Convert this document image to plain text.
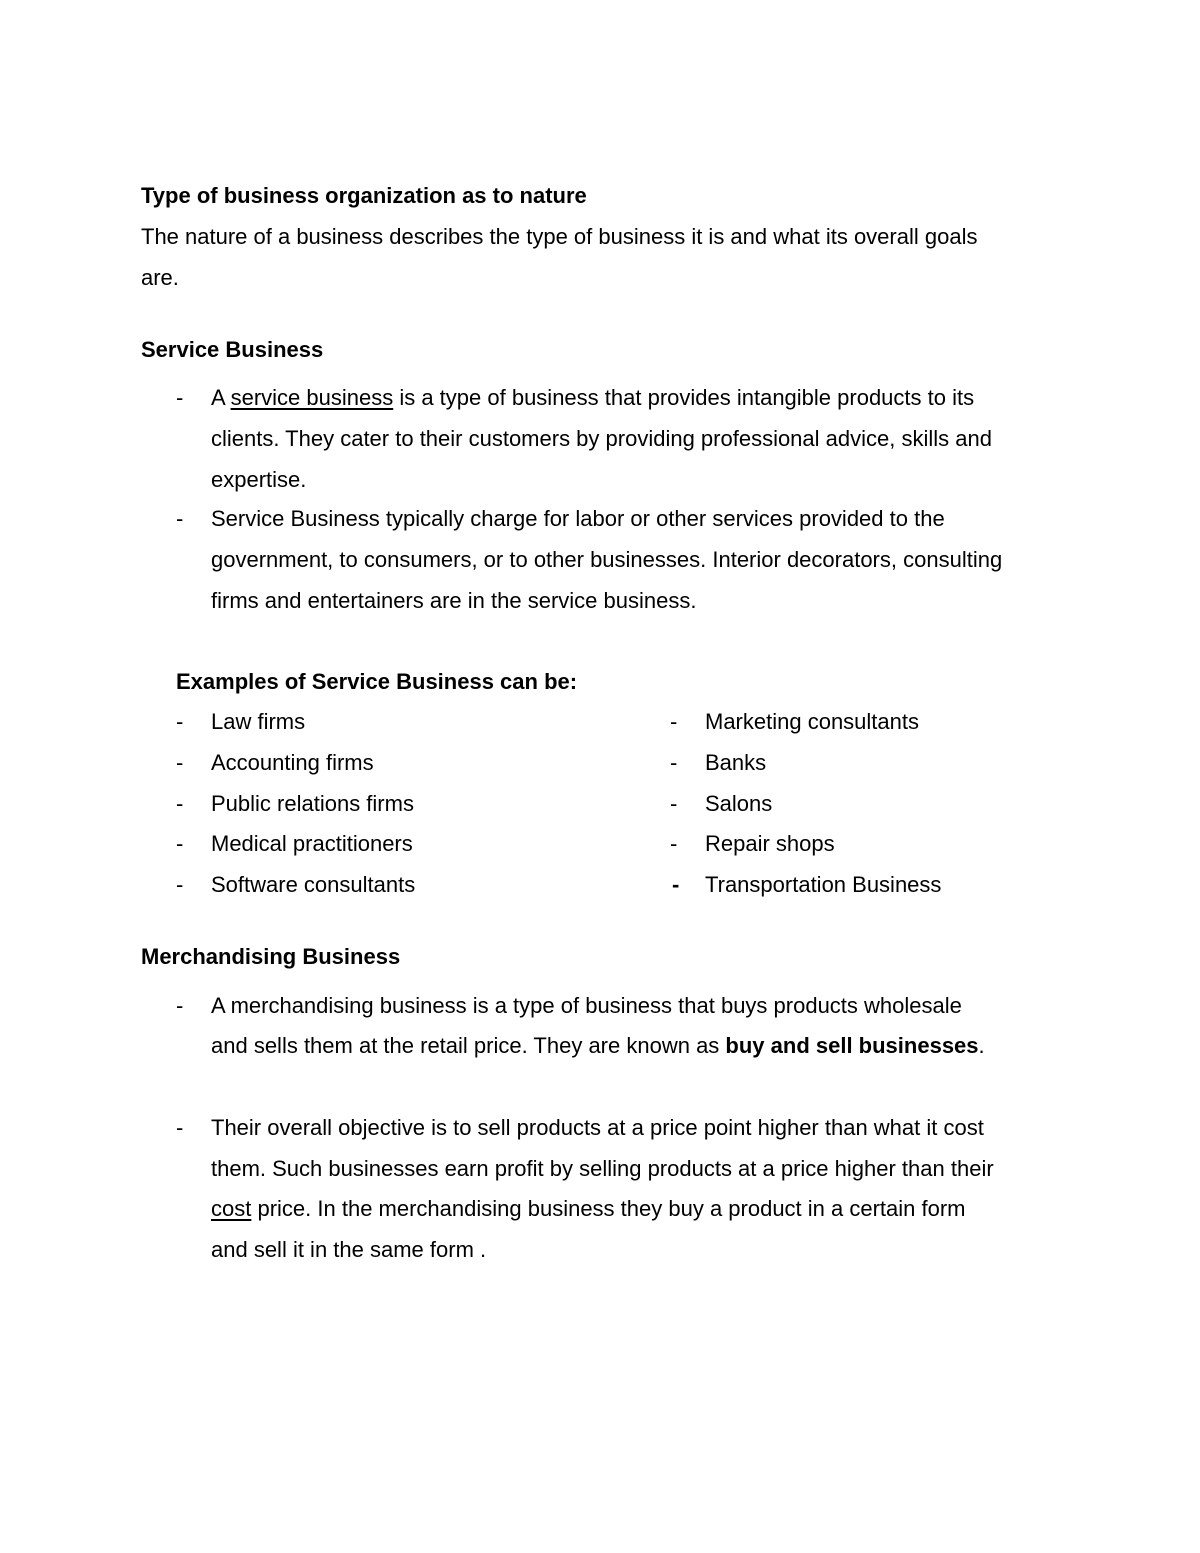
Type of business organization as to nature
The nature of a business describes the type of business it is and what its overall goals
are.
Service Business
- A service business is a type of business that provides intangible products to its
clients. They cater to their customers by providing professional advice, skills and
expertise.
- Service Business typically charge for labor or other services provided to the
government, to consumers, or to other businesses. Interior decorators, consulting
firms and entertainers are in the service business.
Examples of Service Business can be:
- Law firms
- Accounting firms
- Public relations firms
- Medical practitioners
- Software consultants
- Marketing consultants
- Banks
- Salons
- Repair shops
- Transportation Business
Merchandising Business
- A merchandising business is a type of business that buys products wholesale
and sells them at the retail price. They are known as buy and sell businesses.
- Their overall objective is to sell products at a price point higher than what it cost
them. Such businesses earn profit by selling products at a price higher than their
cost price. In the merchandising business they buy a product in a certain form
and sell it in the same form .
